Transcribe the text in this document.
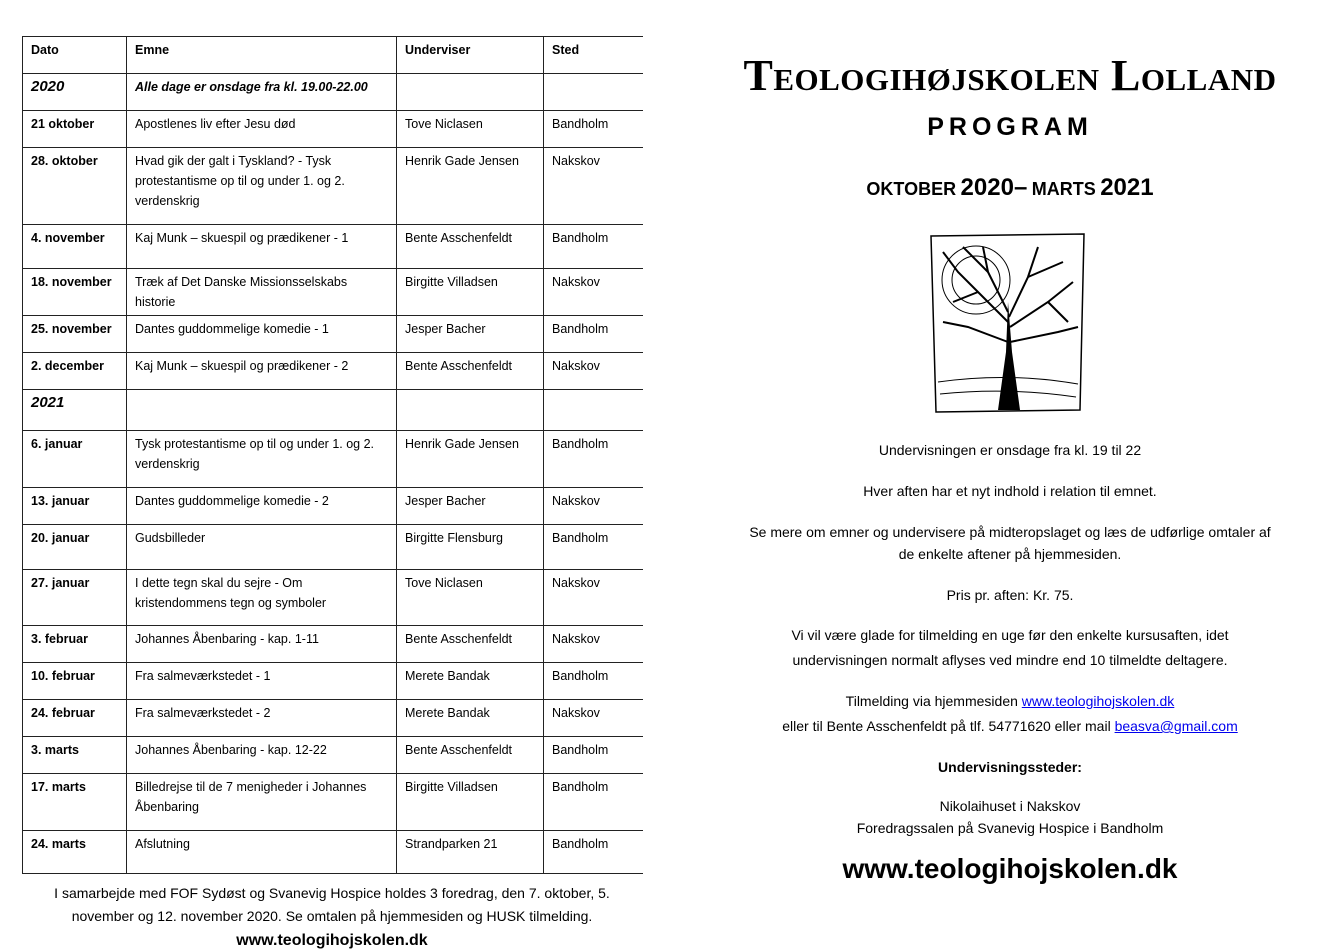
Dato	Emne	Underviser	Sted
2020	Alle dage er onsdage fra kl. 19.00-22.00		
21 oktober	Apostlenes liv efter Jesu død	Tove Niclasen	Bandholm
28. oktober	Hvad gik der galt i Tyskland? - Tysk protestantisme op til og under 1. og 2. verdenskrig	Henrik Gade Jensen	Nakskov
4. november	Kaj Munk – skuespil og prædikener - 1	Bente Asschenfeldt	Bandholm
18. november	Træk af Det Danske Missionsselskabs historie	Birgitte Villadsen	Nakskov
25. november	Dantes guddommelige komedie - 1	Jesper Bacher	Bandholm
2. december	Kaj Munk – skuespil og prædikener - 2	Bente Asschenfeldt	Nakskov
2021			
6. januar	Tysk protestantisme op til og under 1. og 2. verdenskrig	Henrik Gade Jensen	Bandholm
13. januar	Dantes guddommelige komedie - 2	Jesper Bacher	Nakskov
20. januar	Gudsbilleder	Birgitte Flensburg	Bandholm
27. januar	I dette tegn skal du sejre - Om kristendommens tegn og symboler	Tove Niclasen	Nakskov
3. februar	Johannes Åbenbaring - kap. 1-11	Bente Asschenfeldt	Nakskov
10. februar	Fra salmeværkstedet - 1	Merete Bandak	Bandholm
24. februar	Fra salmeværkstedet - 2	Merete Bandak	Nakskov
3. marts	Johannes Åbenbaring - kap. 12-22	Bente Asschenfeldt	Bandholm
17. marts	Billedrejse til de 7 menigheder i Johannes Åbenbaring	Birgitte Villadsen	Bandholm
24. marts	Afslutning	Strandparken 21	Bandholm
I samarbejde med FOF Sydøst og Svanevig Hospice holdes 3 foredrag, den 7. oktober, 5. november og 12. november 2020. Se omtalen på hjemmesiden og HUSK tilmelding.
www.teologihojskolen.dk
Teologihøjskolen Lolland
PROGRAM
OKTOBER 2020– MARTS 2021
Undervisningen er onsdage fra kl. 19 til 22
Hver aften har et nyt indhold i relation til emnet.
Se mere om emner og undervisere på midteropslaget og læs de udførlige omtaler af de enkelte aftener på hjemmesiden.
Pris pr. aften: Kr. 75.
Vi vil være glade for tilmelding en uge før den enkelte kursusaften, idet undervisningen normalt aflyses ved mindre end 10 tilmeldte deltagere.
Tilmelding via hjemmesiden www.teologihojskolen.dk
eller til Bente Asschenfeldt på tlf. 54771620 eller mail beasva@gmail.com
Undervisningssteder:
Nikolaihuset i Nakskov
Foredragssalen på Svanevig Hospice i Bandholm
www.teologihojskolen.dk
